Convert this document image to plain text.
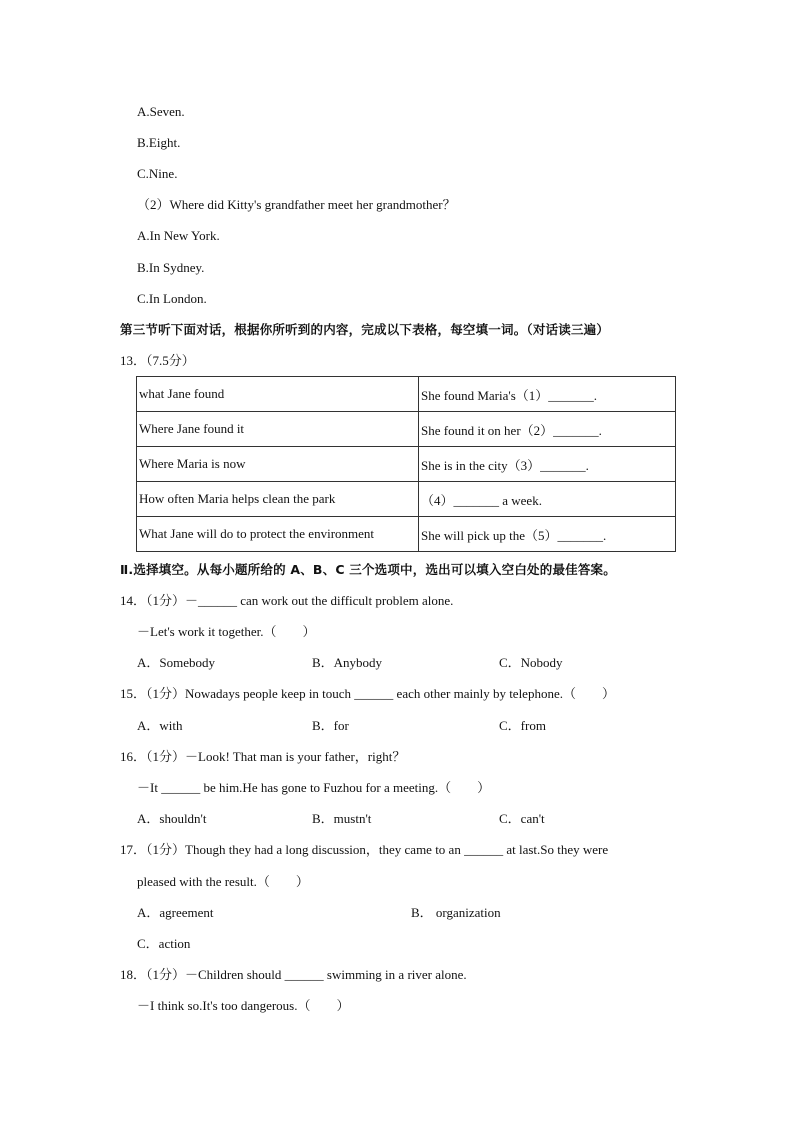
A.Seven.
B.Eight.
C.Nine.
（2）Where did Kitty's grandfather meet her grandmother？
A.In New York.
B.In Sydney.
C.In London.
第三节听下面对话，根据你所听到的内容，完成以下表格，每空填一词。（对话读三遍）
13．（7.5分）
what Jane found	She found Maria's（1）_______.
Where Jane found it	She found it on her（2）_______.
Where Maria is now	She is in the city（3）_______.
How often Maria helps clean the park	（4）_______ a week.
What Jane will do to protect the environment	She will pick up the（5）_______.
Ⅱ.选择填空。从每小题所给的 A、B、C 三个选项中，选出可以填入空白处的最佳答案。
14．（1分）－______ can work out the difficult problem alone.
－Let's work it together.（　　）
A．Somebody	B．Anybody	C．Nobody
15．（1分）Nowadays people keep in touch ______ each other mainly by telephone.（　　）
A．with	B．for	C．from
16．（1分）－Look! That man is your father，right？
－It ______ be him.He has gone to Fuzhou for a meeting.（　　）
A．shouldn't	B．mustn't	C．can't
17．（1分）Though they had a long discussion，they came to an ______ at last.So they were
pleased with the result.（　　）
A．agreement	B． organization
C．action
18．（1分）－Children should ______ swimming in a river alone.
－I think so.It's too dangerous.（　　）
